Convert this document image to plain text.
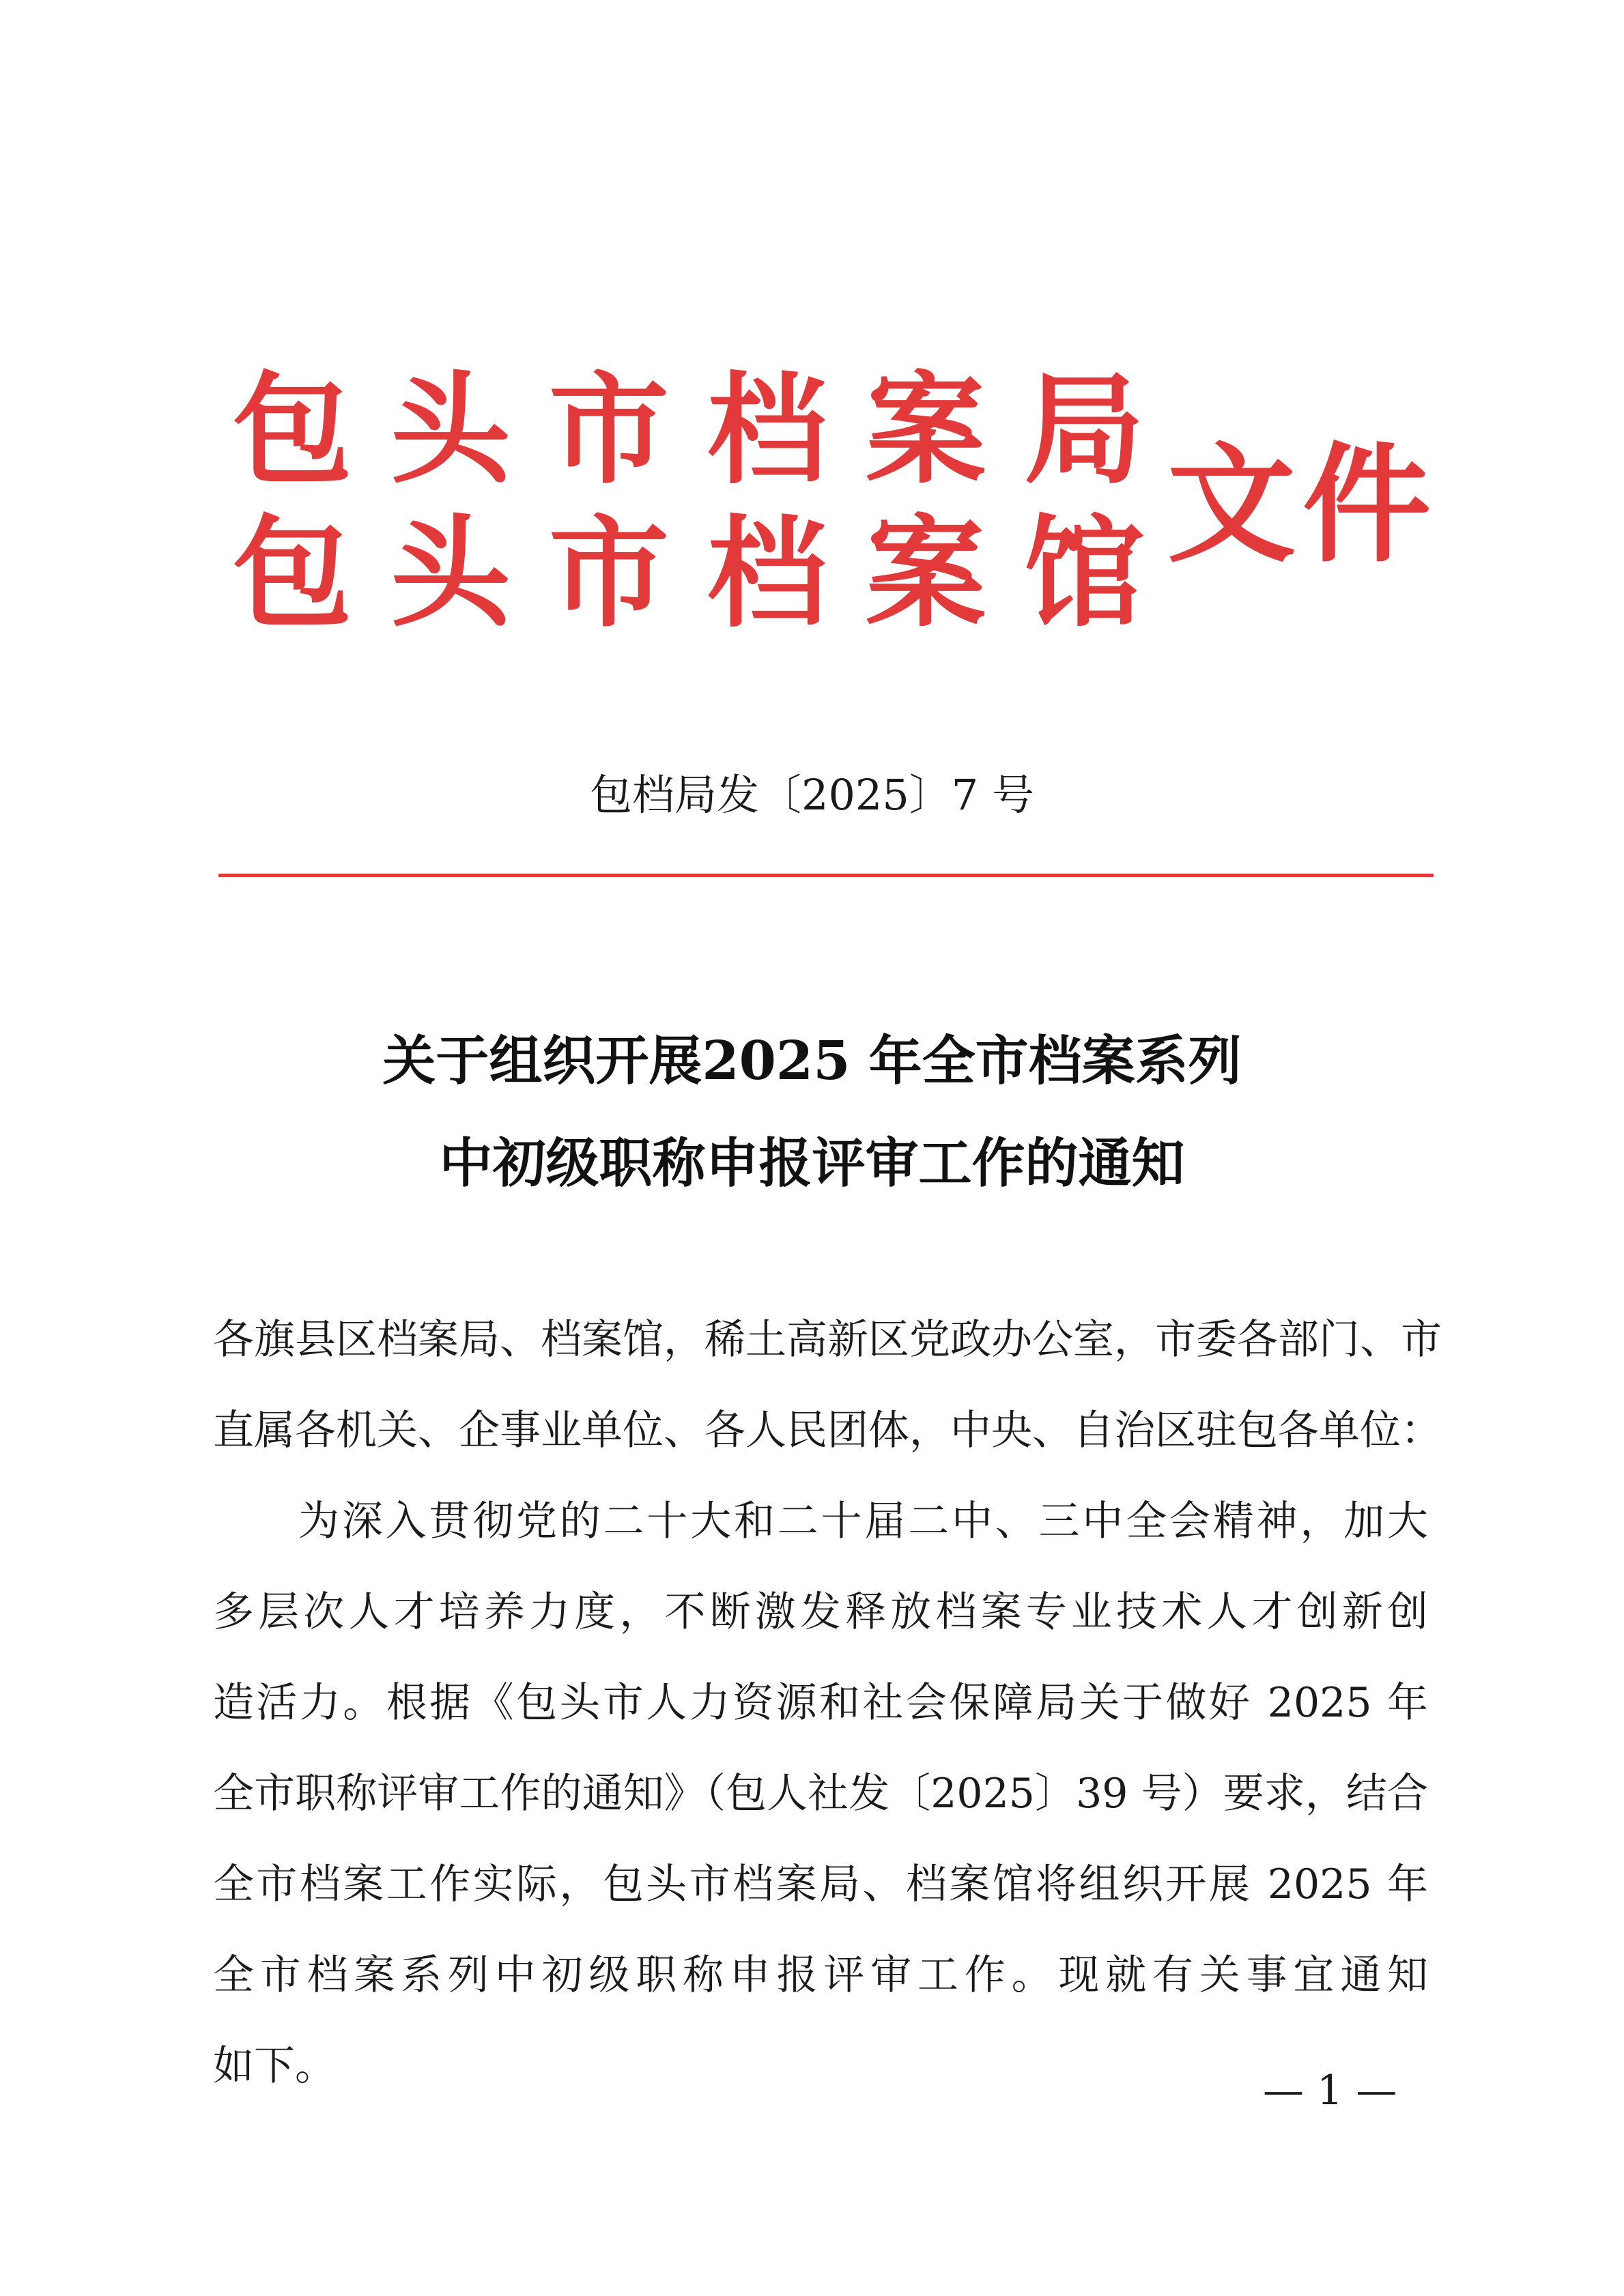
包头市档案局
包头市档案馆
文件
包档局发〔2025〕7 号
关于组织开展2025 年全市档案系列
中初级职称申报评审工作的通知
各旗县区档案局、档案馆，稀土高新区党政办公室，市委各部门、市
直属各机关、企事业单位、各人民团体，中央、自治区驻包各单位：
为深入贯彻党的二十大和二十届二中、三中全会精神，加大
多层次人才培养力度，不断激发释放档案专业技术人才创新创
造活力。根据《包头市人力资源和社会保障局关于做好 2025 年
全市职称评审工作的通知》（包人社发〔2025〕39 号）要求，结合
全市档案工作实际，包头市档案局、档案馆将组织开展 2025 年
全市档案系列中初级职称申报评审工作。现就有关事宜通知
如下。
— 1 —
